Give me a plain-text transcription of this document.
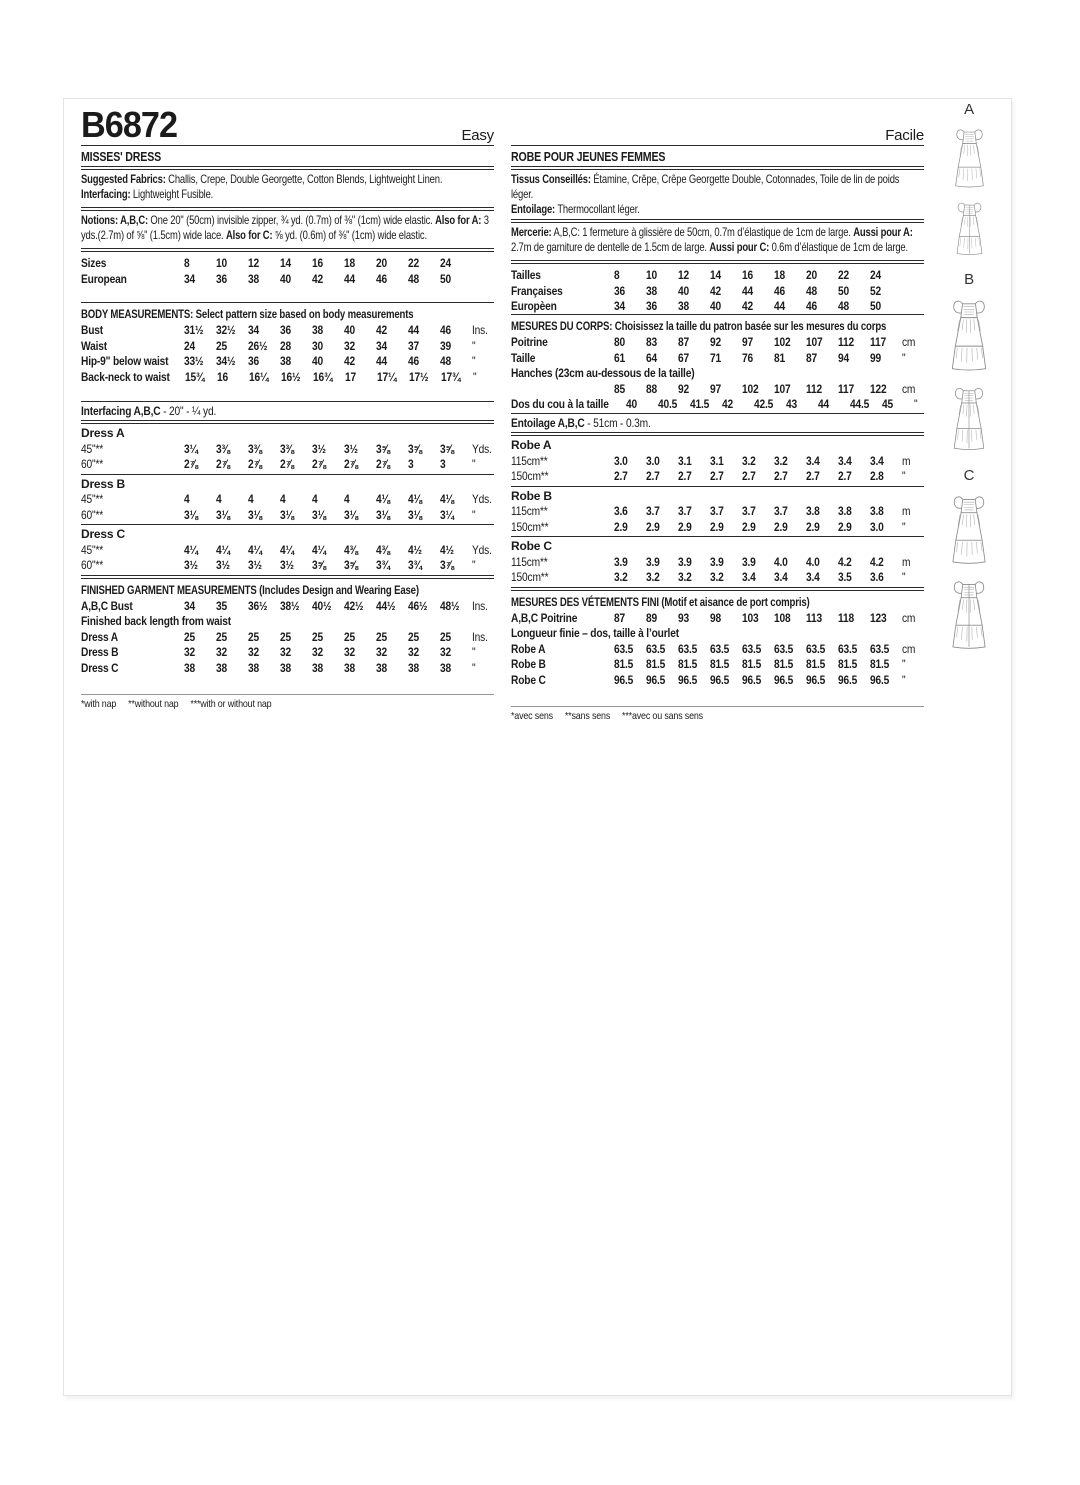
B6872	Easy
MISSES' DRESS

Suggested Fabrics: Challis, Crepe, Double Georgette, Cotton Blends, Lightweight Linen.
Interfacing: Lightweight Fusible.

Notions: A,B,C: One 20" (50cm) invisible zipper, ¾ yd. (0.7m) of ⅜" (1cm) wide elastic. Also for A: 3 yds.(2.7m) of ⅝" (1.5cm) wide lace. Also for C: ⅝ yd. (0.6m) of ⅜" (1cm) wide elastic.

Sizes	8	10	12	14	16	18	20	22	24
European	34	36	38	40	42	44	46	48	50
BODY MEASUREMENTS: Select pattern size based on body measurements
Bust	31½	32½	34	36	38	40	42	44	46	Ins.
Waist	24	25	26½	28	30	32	34	37	39	"
Hip-9" below waist 33½	34½	36	38	40	42	44	46	48	"
Back-neck to waist 15¾	16	16¼	16½	16¾	17	17¼	17½	17¾	"
Interfacing A,B,C - 20" - ¼ yd.
Dress A
45"**	3¼	3⅜	3⅜	3⅜	3½	3½	3⅝	3⅝	3⅝	Yds.
60"**	2⅞	2⅞	2⅞	2⅞	2⅞	2⅞	2⅞	3	3	"
Dress B
45"**	4	4	4	4	4	4	4⅛	4⅛	4⅛	Yds.
60"**	3⅛	3⅛	3⅛	3⅛	3⅛	3⅛	3⅛	3⅛	3¼	"
Dress C
45"**	4¼	4¼	4¼	4¼	4¼	4⅜	4⅜	4½	4½	Yds.
60"**	3½	3½	3½	3½	3⅝	3⅝	3¾	3¾	3⅞	"
FINISHED GARMENT MEASUREMENTS (Includes Design and Wearing Ease)
A,B,C Bust	34	35	36½	38½	40½	42½	44½	46½	48½	Ins.
Finished back length from waist
Dress A	25	25	25	25	25	25	25	25	25	Ins.
Dress B	32	32	32	32	32	32	32	32	32	"
Dress C	38	38	38	38	38	38	38	38	38	"
*with nap **without nap ***with or without nap
Facile
ROBE POUR JEUNES FEMMES

Tissus Conseillés: Étamine, Crêpe, Crêpe Georgette Double, Cotonnades, Toile de lin de poids léger.
Entoilage: Thermocollant léger.

Mercerie: A,B,C: 1 fermeture à glissière de 50cm, 0.7m d’élastique de 1cm de large. Aussi pour A: 2.7m de garniture de dentelle de 1.5cm de large. Aussi pour C: 0.6m d’élastique de 1cm de large.

Tailles	8	10	12	14	16	18	20	22	24
Françaises	36	38	40	42	44	46	48	50	52
Europèen	34	36	38	40	42	44	46	48	50
MESURES DU CORPS: Choisissez la taille du patron basée sur les mesures du corps
Poitrine	80	83	87	92	97	102	107	112	117	cm
Taille	61	64	67	71	76	81	87	94	99	"
Hanches (23cm au-dessous de la taille)
85	88	92	97	102	107	112	117	122	cm
Dos du cou à la taille 40	40.5	41.5	42	42.5	43	44	44.5	45	"
Entoilage A,B,C - 51cm - 0.3m.
Robe A
115cm**	3.0	3.0	3.1	3.1	3.2	3.2	3.4	3.4	3.4	m
150cm**	2.7	2.7	2.7	2.7	2.7	2.7	2.7	2.7	2.8	"
Robe B
115cm**	3.6	3.7	3.7	3.7	3.7	3.7	3.8	3.8	3.8	m
150cm**	2.9	2.9	2.9	2.9	2.9	2.9	2.9	2.9	3.0	"
Robe C
115cm**	3.9	3.9	3.9	3.9	3.9	4.0	4.0	4.2	4.2	m
150cm**	3.2	3.2	3.2	3.2	3.4	3.4	3.4	3.5	3.6	"
MESURES DES VÉTEMENTS FINI (Motif et aisance de port compris)
A,B,C Poitrine	87	89	93	98	103	108	113	118	123	cm
Longueur finie – dos, taille à l’ourlet
Robe A	63.5	63.5	63.5	63.5	63.5	63.5	63.5	63.5	63.5	cm
Robe B	81.5	81.5	81.5	81.5	81.5	81.5	81.5	81.5	81.5	"
Robe C	96.5	96.5	96.5	96.5	96.5	96.5	96.5	96.5	96.5	"
*avec sens **sans sens ***avec ou sans sens
A
B
C
